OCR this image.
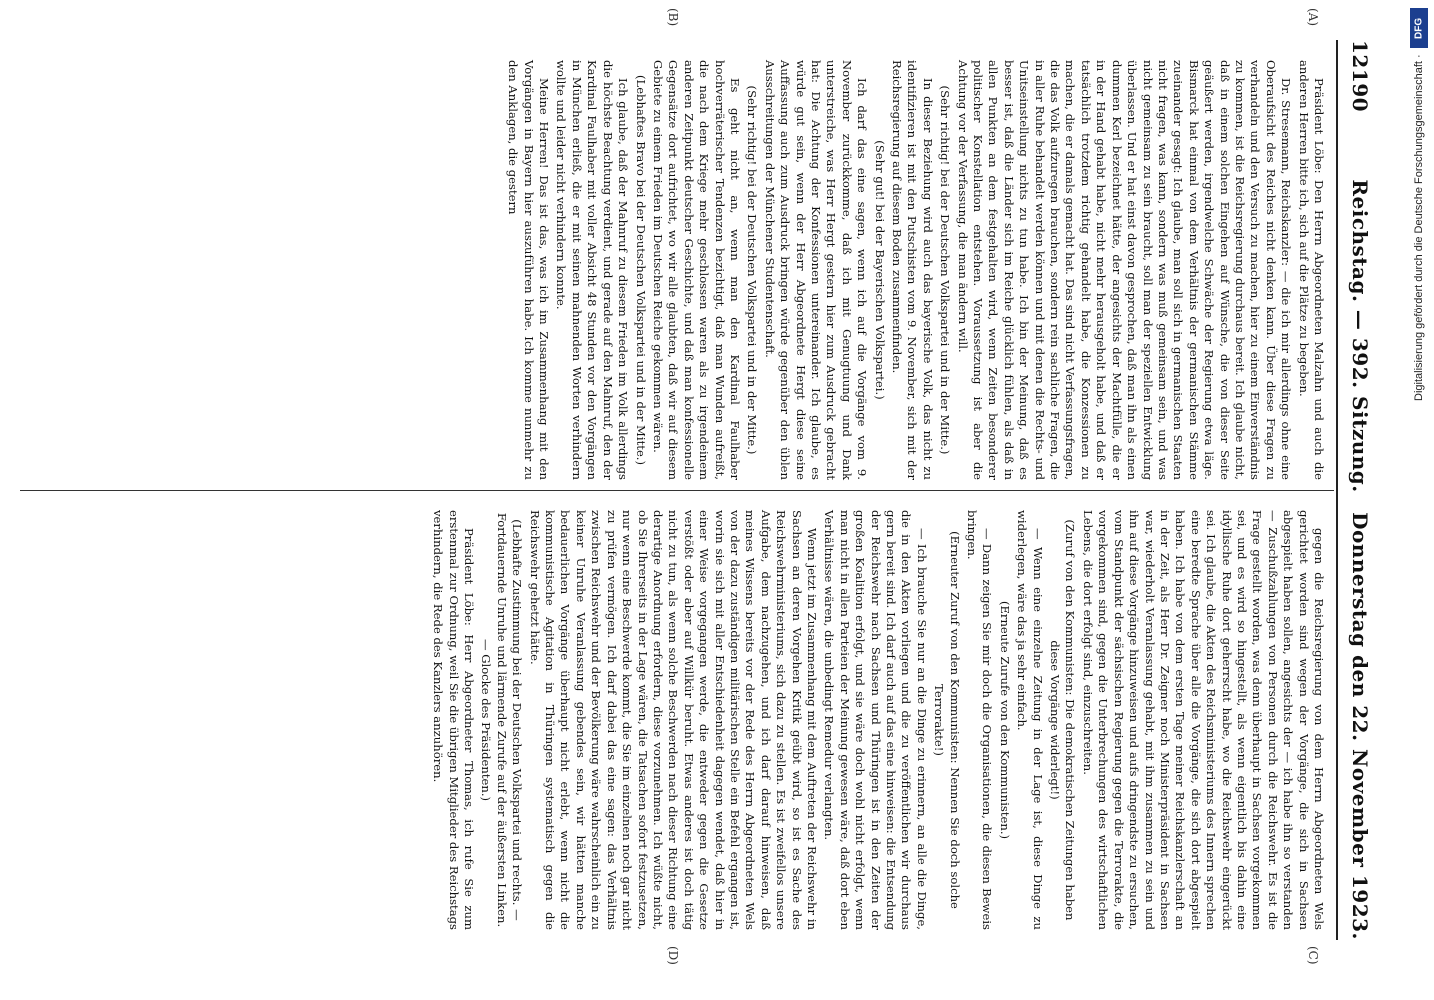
12190
Reichstag. — 392. Sitzung.
Donnerstag den 22. November 1923.
(A)
(B)
(C)
(D)

Präsident Löbe: Den Herrn Abgeordneten Malzahn und auch die anderen Herren bitte ich, sich auf die Plätze zu begeben.

Dr. Stresemann, Reichskanzler: — die ich mir allerdings ohne eine Oberaufsicht des Reiches nicht denken kann. Über diese Fragen zu verhandeln und den Versuch zu machen, hier zu einem Einverständnis zu kommen, ist die Reichsregierung durchaus bereit. Ich glaube nicht, daß in einem solchen Eingehen auf Wünsche, die von dieser Seite geäußert werden, irgendwelche Schwäche der Regierung etwa läge. Bismarck hat einmal von dem Verhältnis der germanischen Stämme zueinander gesagt: Ich glaube, man soll sich in germanischen Staaten nicht fragen, was kann, sondern was muß gemeinsam sein, und was nicht gemeinsam zu sein braucht, soll man der speziellen Entwicklung überlassen. Und er hat einst davon gesprochen, daß man ihn als einen dummen Kerl bezeichnet hätte, der angesichts der Machtfülle, die er in der Hand gehabt habe, nicht mehr herausgeholt habe, und daß er tatsächlich trotzdem richtig gehandelt habe, die Konzessionen zu machen, die er damals gemacht hat. Das sind nicht Verfassungsfragen, die das Volk aufzuregen brauchen, sondern rein sachliche Fragen, die in aller Ruhe behandelt werden können und mit denen die Rechts- und Unitseinstellung nichts zu tun habe. Ich bin der Meinung, daß es besser ist, daß die Länder sich im Reiche glücklich fühlen, als daß in allen Punkten an dem festgehalten wird, wenn Zeiten besonderer politischer Konstellation entstehen. Voraussetzung ist aber die Achtung vor der Verfassung, die man ändern will.

(Sehr richtig! bei der Deutschen Volkspartei und in der Mitte.)

In dieser Beziehung wird auch das bayerische Volk, das nicht zu identifizieren ist mit den Putschisten vom 9. November, sich mit der Reichsregierung auf diesem Boden zusammenfinden.

(Sehr gut! bei der Bayerischen Volkspartei.)

Ich darf das eine sagen, wenn ich auf die Vorgänge vom 9. November zurückkomme, daß ich mit Genugtuung und Dank unterstreiche, was Herr Hergt gestern hier zum Ausdruck gebracht hat: Die Achtung der Konfessionen untereinander. Ich glaube, es würde gut sein, wenn der Herr Abgeordnete Hergt diese seine Auffassung auch zum Ausdruck bringen würde gegenüber den üblen Ausschreitungen der Münchener Studentenschaft.

(Sehr richtig! bei der Deutschen Volkspartei und in der Mitte.)

Es geht nicht an, wenn man den Kardinal Faulhaber hochverräterischer Tendenzen bezichtigt, daß man Wunden aufreißt, die nach dem Kriege mehr geschlossen waren als zu irgendeinem anderen Zeitpunkt deutscher Geschichte, und daß man konfessionelle Gegensätze dort aufrichtet, wo wir alle glaubten, daß wir auf diesem Gebiete zu einem Frieden im Deutschen Reiche gekommen wären.

(Lebhaftes Bravo bei der Deutschen Volkspartei und in der Mitte.)

Ich glaube, daß der Mahnruf zu diesem Frieden im Volk allerdings die höchste Beachtung verdient, und gerade auf den Mahnruf, den der Kardinal Faulhaber mit voller Absicht 48 Stunden vor den Vorgängen in München erließ, die er mit seinen mahnenden Worten verhindern wollte und leider nicht verhindern konnte.

Meine Herren! Das ist das, was ich im Zusammenhang mit den Vorgängen in Bayern hier auszuführen habe. Ich komme nunmehr zu den Anklagen, die gestern

gegen die Reichsregierung von dem Herrn Abgeordneten Wels gerichtet worden sind wegen der Vorgänge, die sich in Sachsen abgespielt haben sollen, angesichts der — ich habe ihn so verstanden — Zuschußzahlungen von Personen durch die Reichswehr. Es ist die Frage gestellt worden, was denn überhaupt in Sachsen vorgekommen sei, und es wird so hingestellt, als wenn eigentlich bis dahin eine idyllische Ruhe dort geherrscht habe, wo die Reichswehr eingerückt sei. Ich glaube, die Akten des Reichsministeriums des Innern sprechen eine beredte Sprache über alle die Vorgänge, die sich dort abgespielt haben. Ich habe von dem ersten Tage meiner Reichskanzlerschaft an in der Zeit, als Herr Dr. Zeigner noch Ministerpräsident in Sachsen war, wiederholt Veranlassung gehabt, mit ihm zusammen zu sein und ihn auf diese Vorgänge hinzuweisen und aufs dringendste zu ersuchen, vom Standpunkt der sächsischen Regierung gegen die Terrorakte, die vorgekommen sind, gegen die Unterbrechungen des wirtschaftlichen Lebens, die dort erfolgt sind, einzuschreiten.

(Zuruf von den Kommunisten: Die demokratischen Zeitungen haben diese Vorgänge widerlegt!)

— Wenn eine einzelne Zeitung in der Lage ist, diese Dinge zu widerlegen, wäre das ja sehr einfach.

(Erneute Zurufe von den Kommunisten.)

— Dann zeigen Sie mir doch die Organisationen, die diesen Beweis bringen.

(Erneuter Zuruf von den Kommunisten: Nennen Sie doch solche Terrorakte!)

— Ich brauche Sie nur an die Dinge zu erinnern, an alle die Dinge, die in den Akten vorliegen und die zu veröffentlichen wir durchaus gern bereit sind. Ich darf auch auf das eine hinweisen: die Entsendung der Reichswehr nach Sachsen und Thüringen ist in den Zeiten der großen Koalition erfolgt, und sie wäre doch wohl nicht erfolgt, wenn man nicht in allen Parteien der Meinung gewesen wäre, daß dort eben Verhältnisse wären, die unbedingt Remedur verlangten.

Wenn jetzt im Zusammenhang mit dem Auftreten der Reichswehr in Sachsen an deren Vorgehen Kritik geübt wird, so ist es Sache des Reichswehrministeriums, sich dazu zu stellen. Es ist zweifellos unsere Aufgabe, dem nachzugehen, und ich darf darauf hinweisen, daß meines Wissens bereits vor der Rede des Herrn Abgeordneten Wels von der dazu zuständigen militärischen Stelle ein Befehl ergangen ist, worin sie sich mit aller Entschiedenheit dagegen wendet, daß hier in einer Weise vorgegangen werde, die entweder gegen die Gesetze verstößt oder aber auf Willkür beruht. Etwas anderes ist doch tätig nicht zu tun, als wenn solche Beschwerden nach dieser Richtung eine derartige Anordnung erfordern, diese vorzunehmen. Ich wüßte nicht, ob Sie Ihrerseits in der Lage wären, die Tatsachen sofort festzusetzen, nur wenn eine Beschwerde kommt, die Sie im einzelnen noch gar nicht zu prüfen vermögen. Ich darf dabei das eine sagen: das Verhältnis zwischen Reichswehr und der Bevölkerung wäre wahrscheinlich ein zu keiner Unruhe Veranlassung gebendes sein, wir hätten manche bedauerlichen Vorgänge überhaupt nicht erlebt, wenn nicht die kommunistische Agitation in Thüringen systematisch gegen die Reichswehr gehetzt hätte.

(Lebhafte Zustimmung bei der Deutschen Volkspartei und rechts. — Fortdauernde Unruhe und lärmende Zurufe auf der äußersten Linken. — Glocke des Präsidenten.)

Präsident Löbe: Herr Abgeordneter Thomas, ich rufe Sie zum erstenmal zur Ordnung, weil Sie die übrigen Mitglieder des Reichstags verhindern, die Rede des Kanzlers anzuhören.

DFG
Digitalisierung gefördert durch die Deutsche Forschungsgemeinschaft ·
